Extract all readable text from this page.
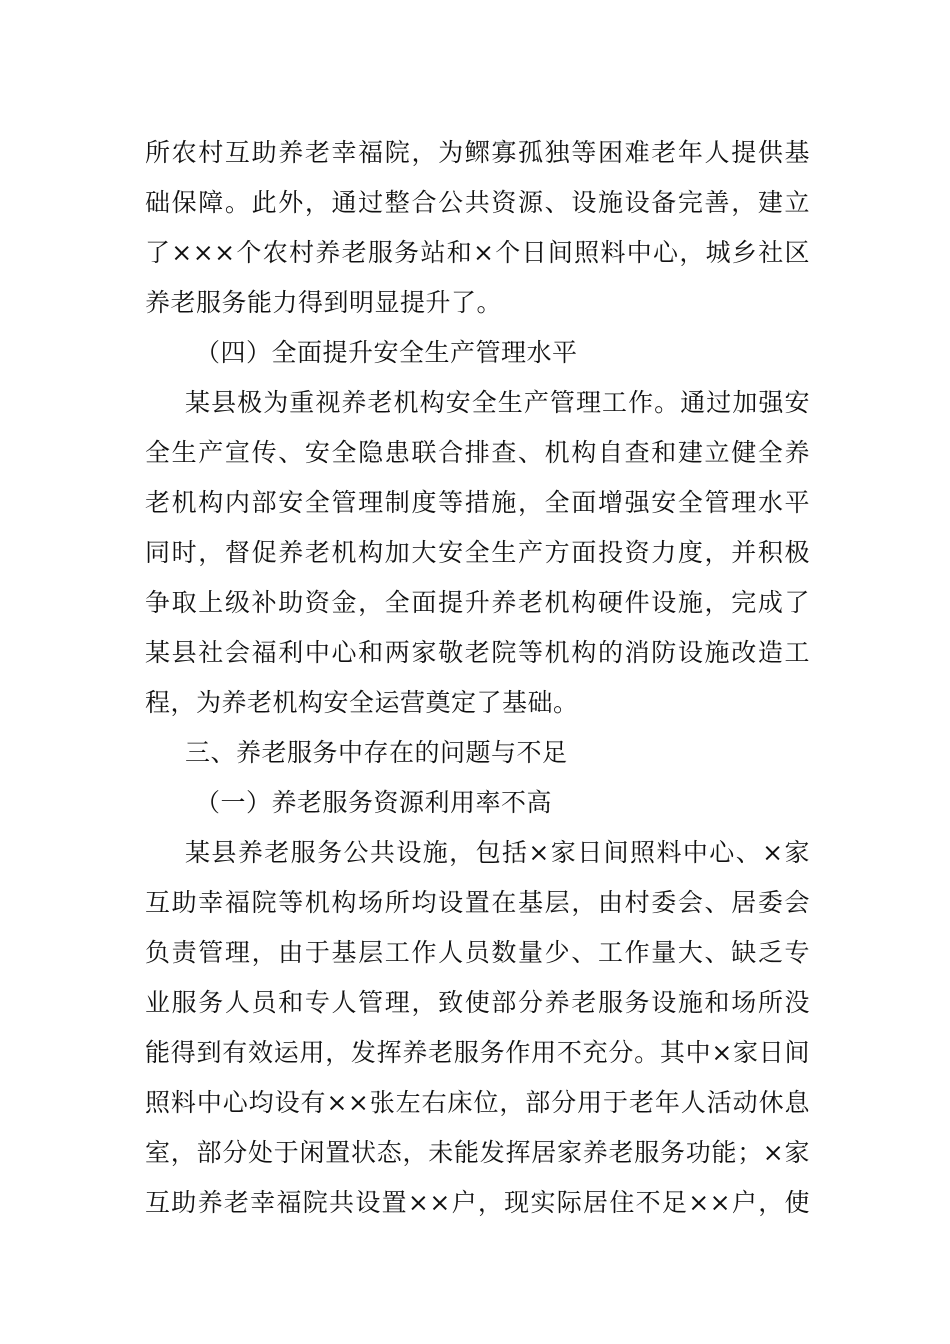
所农村互助养老幸福院，为鳏寡孤独等困难老年人提供基
础保障。此外，通过整合公共资源、设施设备完善，建立
了×××个农村养老服务站和×个日间照料中心，城乡社区
养老服务能力得到明显提升了。
（四）全面提升安全生产管理水平
某县极为重视养老机构安全生产管理工作。通过加强安
全生产宣传、安全隐患联合排查、机构自查和建立健全养
老机构内部安全管理制度等措施，全面增强安全管理水平
同时，督促养老机构加大安全生产方面投资力度，并积极
争取上级补助资金，全面提升养老机构硬件设施，完成了
某县社会福利中心和两家敬老院等机构的消防设施改造工
程，为养老机构安全运营奠定了基础。
三、养老服务中存在的问题与不足
（一）养老服务资源利用率不高
某县养老服务公共设施，包括×家日间照料中心、×家
互助幸福院等机构场所均设置在基层，由村委会、居委会
负责管理，由于基层工作人员数量少、工作量大、缺乏专
业服务人员和专人管理，致使部分养老服务设施和场所没
能得到有效运用，发挥养老服务作用不充分。其中×家日间
照料中心均设有××张左右床位，部分用于老年人活动休息
室，部分处于闲置状态，未能发挥居家养老服务功能；×家
互助养老幸福院共设置××户，现实际居住不足××户，使
